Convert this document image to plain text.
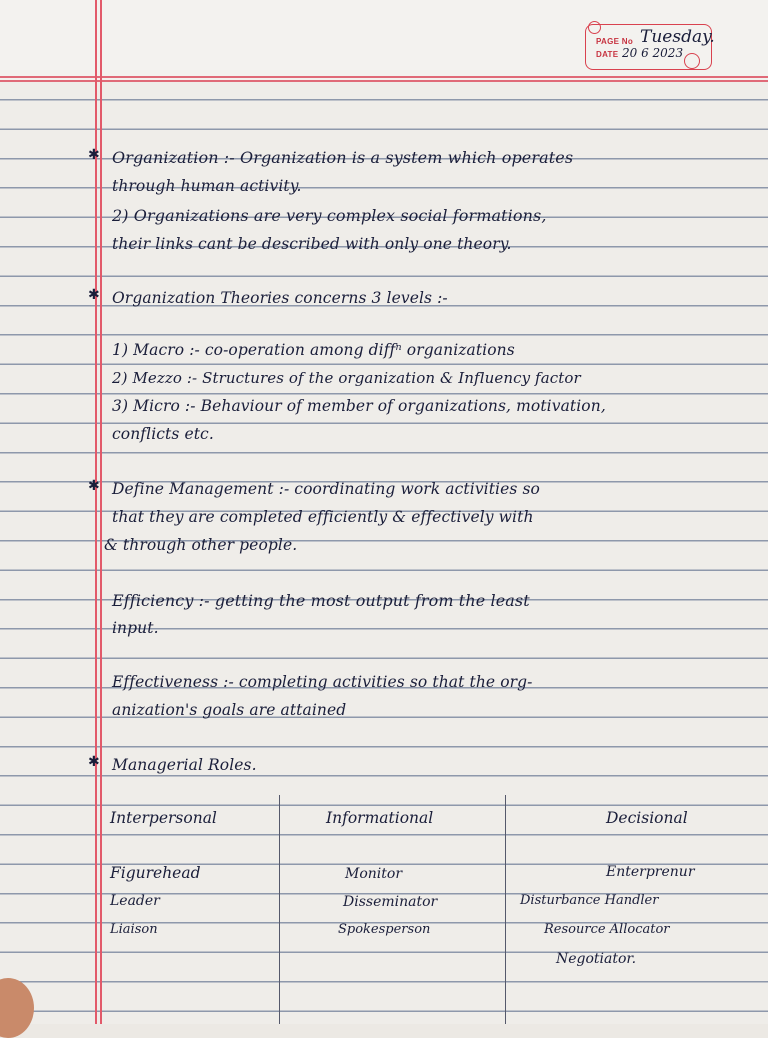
PAGE No Tuesday.
DATE 20 6 2023
✱ Organization :- Organization is a system which operates

through human activity.

2) Organizations are very complex social formations,

their links cant be described with only one theory.

✱ Organization Theories concerns 3 levels :-

1) Macro :- co-operation among diffⁿ organizations

2) Mezzo :- Structures of the organization & Influency factor

3) Micro :- Behaviour of member of organizations, motivation,

conflicts etc.

✱ Define Management :- coordinating work activities so

that they are completed efficiently & effectively with

& through other people.

Efficiency :- getting the most output from the least

input.

Effectiveness :- completing activities so that the org-

anization's goals are attained

✱ Managerial Roles.

Interpersonal	Informational	Decisional
Figurehead
Leader
Liaison
Monitor
Disseminator
Spokesperson
Enterprenur
Disturbance Handler
Resource Allocator
Negotiator.
